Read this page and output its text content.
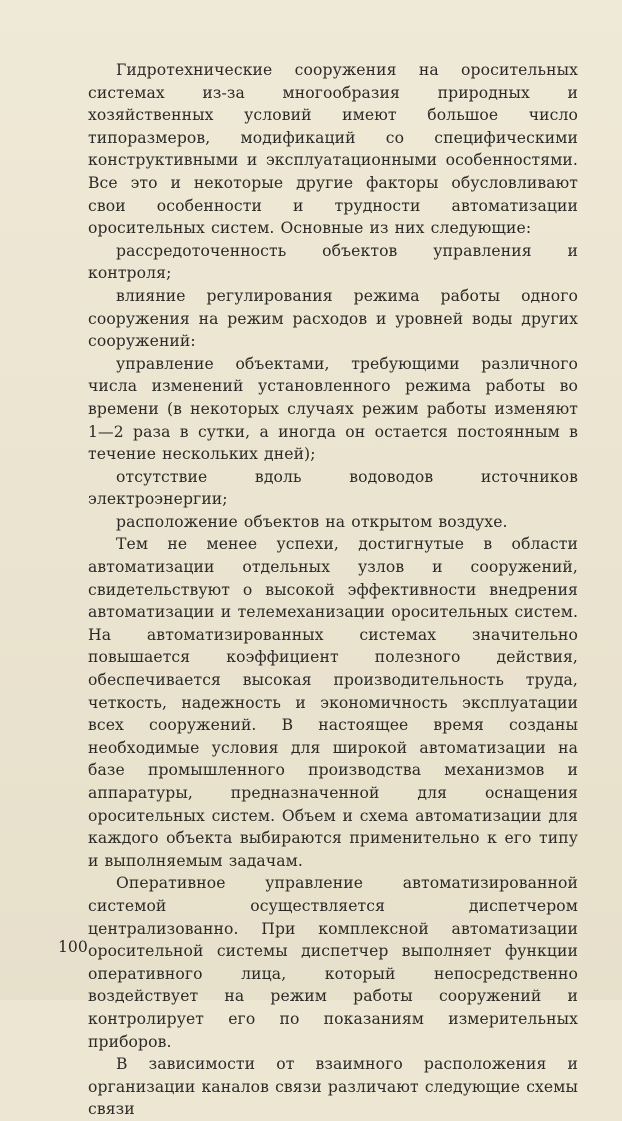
Гидротехнические сооружения на оросительных системах из-за многообразия природных и хозяйственных условий имеют большое число типоразмеров, модификаций со специфическими конструктивными и эксплуатационными особенностями. Все это и некоторые другие факторы обусловливают свои особенности и трудности автоматизации оросительных систем. Основные из них следующие:

рассредоточенность объектов управления и контроля;

влияние регулирования режима работы одного сооружения на режим расходов и уровней воды других сооружений:

управление объектами, требующими различного числа изменений установленного режима работы во времени (в некоторых случаях режим работы изменяют 1—2 раза в сутки, а иногда он остается постоянным в течение нескольких дней);

отсутствие вдоль водоводов источников электроэнергии;

расположение объектов на открытом воздухе.

Тем не менее успехи, достигнутые в области автоматизации отдельных узлов и сооружений, свидетельствуют о высокой эффективности внедрения автоматизации и телемеханизации оросительных систем. На автоматизированных системах значительно повышается коэффициент полезного действия, обеспечивается высокая производительность труда, четкость, надежность и экономичность эксплуатации всех сооружений. В настоящее время созданы необходимые условия для широкой автоматизации на базе промышленного производства механизмов и аппаратуры, предназначенной для оснащения оросительных систем. Объем и схема автоматизации для каждого объекта выбираются применительно к его типу и выполняемым задачам.

Оперативное управление автоматизированной системой осуществляется диспетчером централизованно. При комплексной автоматизации оросительной системы диспетчер выполняет функции оперативного лица, который непосредственно воздействует на режим работы сооружений и контролирует его по показаниям измерительных приборов.

В зависимости от взаимного расположения и организации каналов связи различают следующие схемы связи

100
